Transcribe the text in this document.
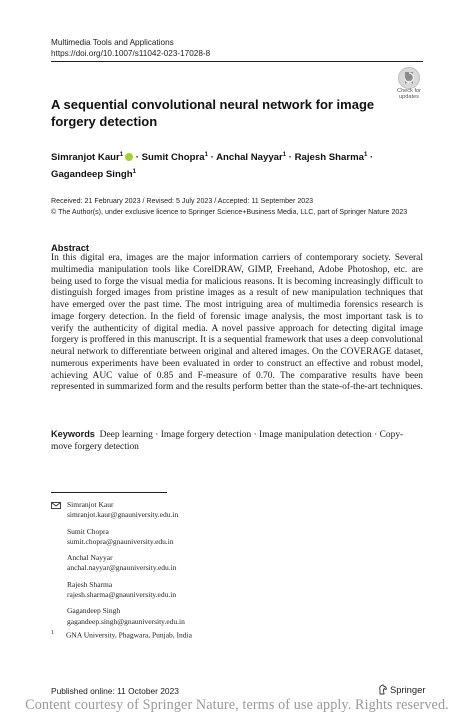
Multimedia Tools and Applications
https://doi.org/10.1007/s11042-023-17028-8
Check for
updates
A sequential convolutional neural network for image forgery detection
Simranjot Kaur$^1$ · Sumit Chopra$^1$ · Anchal Nayyar$^1$ · Rajesh Sharma$^1$ ·
Gagandeep Singh$^1$
Received: 21 February 2023 / Revised: 5 July 2023 / Accepted: 11 September 2023
© The Author(s), under exclusive licence to Springer Science+Business Media, LLC, part of Springer Nature 2023
Abstract
In this digital era, images are the major information carriers of contemporary society. Several multimedia manipulation tools like CorelDRAW, GIMP, Freehand, Adobe Photoshop, etc. are being used to forge the visual media for malicious reasons. It is becoming increasingly difficult to distinguish forged images from pristine images as a result of new manipulation techniques that have emerged over the past time. The most intriguing area of multimedia forensics research is image forgery detection. In the field of forensic image analysis, the most important task is to verify the authenticity of digital media. A novel passive approach for detecting digital image forgery is proffered in this manuscript. It is a sequential framework that uses a deep convolutional neural network to differentiate between original and altered images. On the COVERAGE dataset, numerous experiments have been evaluated in order to construct an effective and robust model, achieving AUC value of 0.85 and F-measure of 0.70. The comparative results have been represented in summarized form and the results perform better than the state-of-the-art techniques.
Keywords Deep learning · Image forgery detection · Image manipulation detection · Copy-move forgery detection
Simranjot Kaur
simranjot.kaur@gnauniversity.edu.in
Sumit Chopra
sumit.chopra@gnauniversity.edu.in
Anchal Nayyar
anchal.nayyar@gnauniversity.edu.in
Rajesh Sharma
rajesh.sharma@gnauniversity.edu.in
Gagandeep Singh
gagandeep.singh@gnauniversity.edu.in
$^1$ GNA University, Phagwara, Punjab, India
Published online: 11 October 2023	Springer
Content courtesy of Springer Nature, terms of use apply. Rights reserved.
